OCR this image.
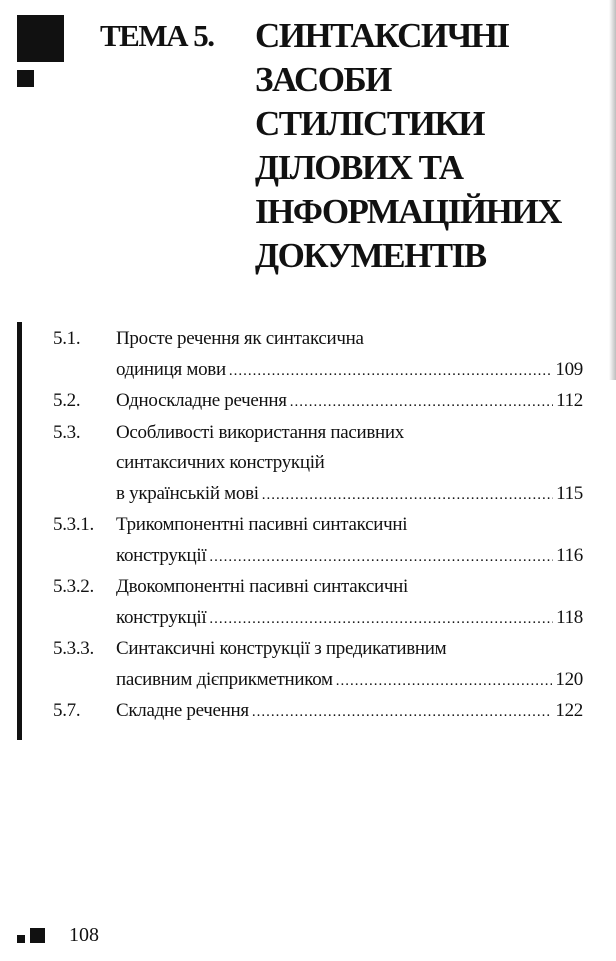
ТЕМА 5. СИНТАКСИЧНІ
ЗАСОБИ
СТИЛІСТИКИ
ДІЛОВИХ ТА
ІНФОРМАЦІЙНИХ
ДОКУМЕНТІВ
5.1.	Просте речення як синтаксична
одиниця мови .....	109
5.2.	Односкладне речення .....	112
5.3.	Особливості використання пасивних
синтаксичних конструкцій
в українській мові .....	115
5.3.1.	Трикомпонентні пасивні синтаксичні
конструкції .....	116
5.3.2.	Двокомпонентні пасивні синтаксичні
конструкції .....	118
5.3.3.	Синтаксичні конструкції з предикативним
пасивним дієприкметником .....	120
5.7.	Складне речення .....	122
108
